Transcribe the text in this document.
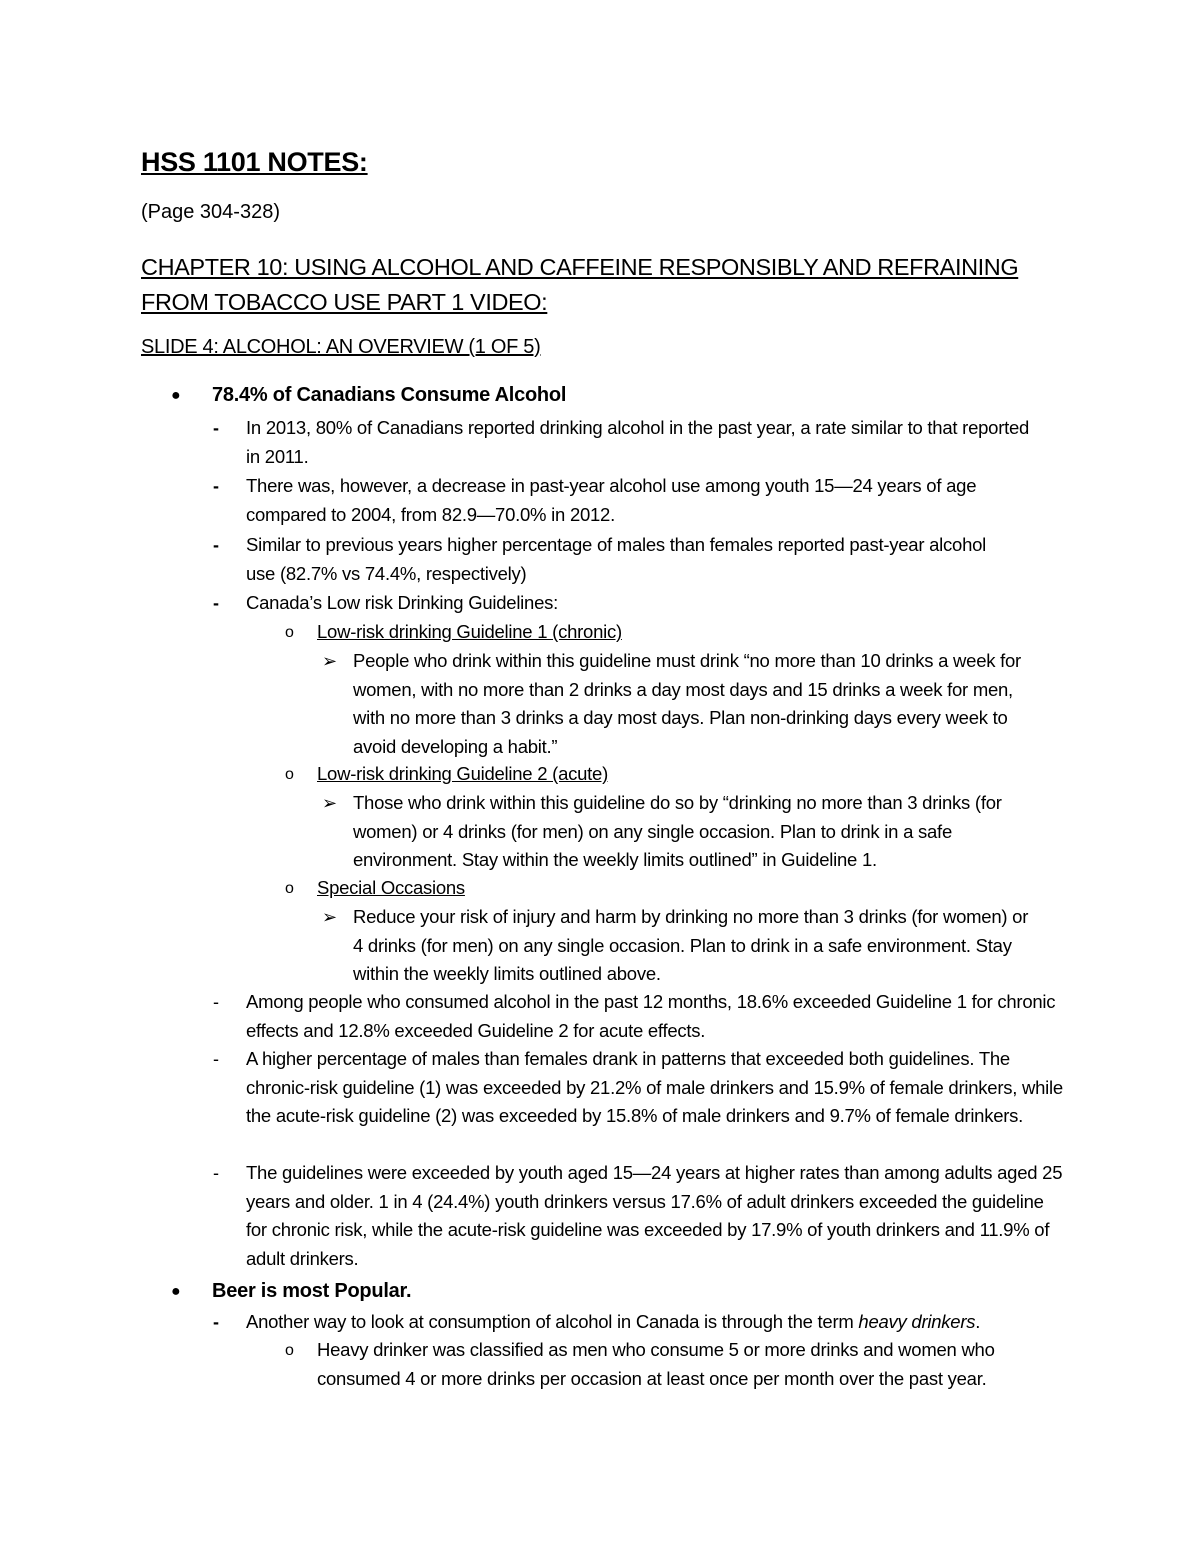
HSS 1101 NOTES:
(Page 304-328)
CHAPTER 10: USING ALCOHOL AND CAFFEINE RESPONSIBLY AND REFRAINING FROM TOBACCO USE PART 1 VIDEO:
SLIDE 4: ALCOHOL: AN OVERVIEW (1 OF 5)
● 78.4% of Canadians Consume Alcohol
- In 2013, 80% of Canadians reported drinking alcohol in the past year, a rate similar to that reported in 2011.
- There was, however, a decrease in past-year alcohol use among youth 15—24 years of age compared to 2004, from 82.9—70.0% in 2012.
- Similar to previous years higher percentage of males than females reported past-year alcohol use (82.7% vs 74.4%, respectively)
- Canada’s Low risk Drinking Guidelines:
o Low-risk drinking Guideline 1 (chronic)
➢ People who drink within this guideline must drink “no more than 10 drinks a week for women, with no more than 2 drinks a day most days and 15 drinks a week for men, with no more than 3 drinks a day most days. Plan non-drinking days every week to avoid developing a habit.”
o Low-risk drinking Guideline 2 (acute)
➢ Those who drink within this guideline do so by “drinking no more than 3 drinks (for women) or 4 drinks (for men) on any single occasion. Plan to drink in a safe environment. Stay within the weekly limits outlined” in Guideline 1.
o Special Occasions
➢ Reduce your risk of injury and harm by drinking no more than 3 drinks (for women) or 4 drinks (for men) on any single occasion. Plan to drink in a safe environment. Stay within the weekly limits outlined above.
- Among people who consumed alcohol in the past 12 months, 18.6% exceeded Guideline 1 for chronic effects and 12.8% exceeded Guideline 2 for acute effects.
- A higher percentage of males than females drank in patterns that exceeded both guidelines. The chronic-risk guideline (1) was exceeded by 21.2% of male drinkers and 15.9% of female drinkers, while the acute-risk guideline (2) was exceeded by 15.8% of male drinkers and 9.7% of female drinkers.
- The guidelines were exceeded by youth aged 15—24 years at higher rates than among adults aged 25 years and older. 1 in 4 (24.4%) youth drinkers versus 17.6% of adult drinkers exceeded the guideline for chronic risk, while the acute-risk guideline was exceeded by 17.9% of youth drinkers and 11.9% of adult drinkers.
● Beer is most Popular.
- Another way to look at consumption of alcohol in Canada is through the term heavy drinkers.
o Heavy drinker was classified as men who consume 5 or more drinks and women who consumed 4 or more drinks per occasion at least once per month over the past year.
